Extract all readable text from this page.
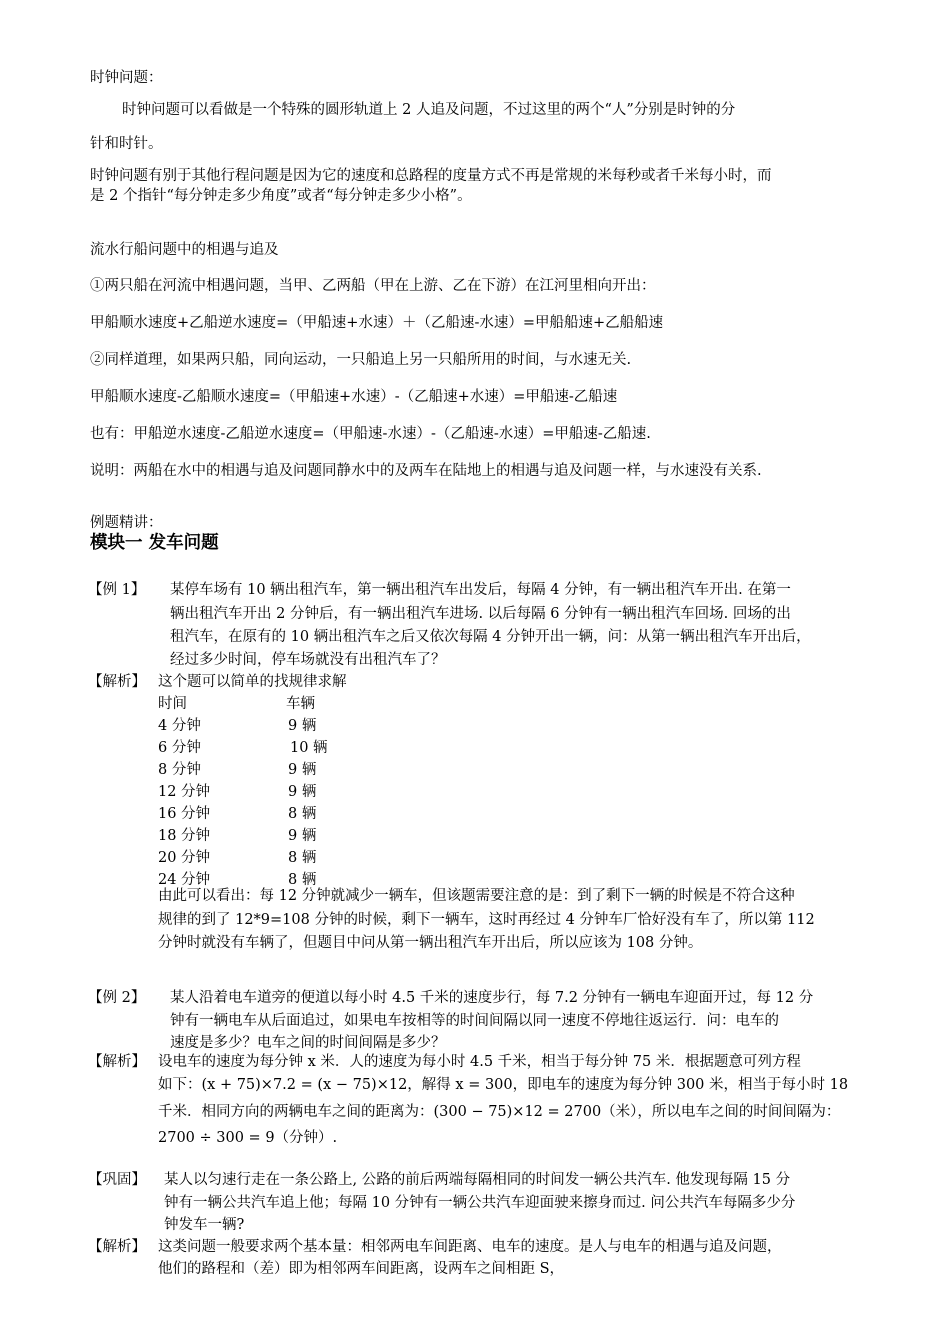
时钟问题：
时钟问题可以看做是一个特殊的圆形轨道上 2 人追及问题，不过这里的两个“人”分别是时钟的分
针和时针。
时钟问题有别于其他行程问题是因为它的速度和总路程的度量方式不再是常规的米每秒或者千米每小时，而
是 2 个指针“每分钟走多少角度”或者“每分钟走多少小格”。
流水行船问题中的相遇与追及
①两只船在河流中相遇问题，当甲、乙两船（甲在上游、乙在下游）在江河里相向开出：
甲船顺水速度+乙船逆水速度=（甲船速+水速）＋（乙船速-水速）=甲船船速+乙船船速
②同样道理，如果两只船，同向运动，一只船追上另一只船所用的时间，与水速无关.
甲船顺水速度-乙船顺水速度=（甲船速+水速）-（乙船速+水速）=甲船速-乙船速
也有：甲船逆水速度-乙船逆水速度=（甲船速-水速）-（乙船速-水速）=甲船速-乙船速.
说明：两船在水中的相遇与追及问题同静水中的及两车在陆地上的相遇与追及问题一样，与水速没有关系.
例题精讲：
模块一 发车问题
【例 1】 某停车场有 10 辆出租汽车，第一辆出租汽车出发后，每隔 4 分钟，有一辆出租汽车开出. 在第一
辆出租汽车开出 2 分钟后，有一辆出租汽车进场. 以后每隔 6 分钟有一辆出租汽车回场. 回场的出
租汽车，在原有的 10 辆出租汽车之后又依次每隔 4 分钟开出一辆，问：从第一辆出租汽车开出后，
经过多少时间，停车场就没有出租汽车了？
【解析】 这个题可以简单的找规律求解
时间	车辆
4 分钟	9 辆
6 分钟	10 辆
8 分钟	9 辆
12 分钟	9 辆
16 分钟	8 辆
18 分钟	9 辆
20 分钟	8 辆
24 分钟	8 辆
由此可以看出：每 12 分钟就减少一辆车，但该题需要注意的是：到了剩下一辆的时候是不符合这种
规律的到了 12*9=108 分钟的时候，剩下一辆车，这时再经过 4 分钟车厂恰好没有车了，所以第 112
分钟时就没有车辆了，但题目中问从第一辆出租汽车开出后，所以应该为 108 分钟。
【例 2】 某人沿着电车道旁的便道以每小时 4.5 千米的速度步行，每 7.2 分钟有一辆电车迎面开过，每 12 分
钟有一辆电车从后面追过，如果电车按相等的时间间隔以同一速度不停地往返运行．问：电车的
速度是多少？电车之间的时间间隔是多少？
【解析】 设电车的速度为每分钟 x 米．人的速度为每小时 4.5 千米，相当于每分钟 75 米．根据题意可列方程
如下：(x + 75)×7.2 = (x − 75)×12，解得 x = 300，即电车的速度为每分钟 300 米，相当于每小时 18
千米．相同方向的两辆电车之间的距离为：(300 − 75)×12 = 2700（米），所以电车之间的时间间隔为：
2700 ÷ 300 = 9（分钟）.
【巩固】 某人以匀速行走在一条公路上, 公路的前后两端每隔相同的时间发一辆公共汽车. 他发现每隔 15 分
钟有一辆公共汽车追上他；每隔 10 分钟有一辆公共汽车迎面驶来擦身而过. 问公共汽车每隔多少分
钟发车一辆?
【解析】 这类问题一般要求两个基本量：相邻两电车间距离、电车的速度。是人与电车的相遇与追及问题，
他们的路程和（差）即为相邻两车间距离，设两车之间相距 S，
